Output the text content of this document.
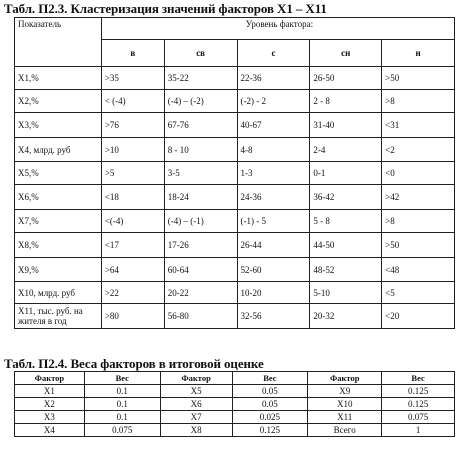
Табл. П2.3. Кластеризация значений факторов Х1 – Х11
Показатель	Уровень фактора:				
	в	св	с	сн	н
Х1,%	>35	35-22	22-36	26-50	>50
Х2,%	< (-4)	(-4) – (-2)	(-2) - 2	2 - 8	>8
Х3,%	>76	67-76	40-67	31-40	<31
Х4, млрд. руб	>10	8 - 10	4-8	2-4	<2
Х5,%	>5	3-5	1-3	0-1	<0
Х6,%	<18	18-24	24-36	36-42	>42
Х7,%	<(-4)	(-4) – (-1)	(-1) - 5	5 - 8	>8
Х8,%	<17	17-26	26-44	44-50	>50
Х9,%	>64	60-64	52-60	48-52	<48
Х10, млрд. руб	>22	20-22	10-20	5-10	<5
Х11, тыс. руб. на жителя в год	>80	56-80	32-56	20-32	<20
Табл. П2.4. Веса факторов в итоговой оценке
Фактор	Вес	Фактор	Вес	Фактор	Вес
Х1	0.1	Х5	0.05	Х9	0.125
Х2	0.1	Х6	0.05	Х10	0.125
Х3	0.1	Х7	0.025	Х11	0.075
Х4	0.075	Х8	0.125	Всего	1
